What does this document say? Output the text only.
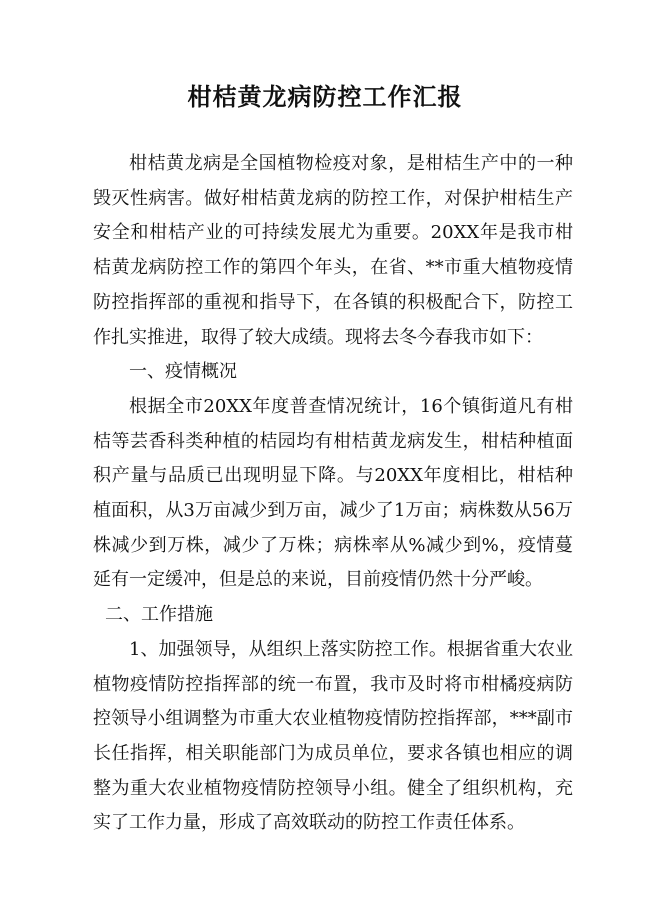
柑桔黄龙病防控工作汇报

柑桔黄龙病是全国植物检疫对象，是柑桔生产中的一种毁灭性病害。做好柑桔黄龙病的防控工作，对保护柑桔生产安全和柑桔产业的可持续发展尤为重要。20XX年是我市柑桔黄龙病防控工作的第四个年头，在省、**市重大植物疫情防控指挥部的重视和指导下，在各镇的积极配合下，防控工作扎实推进，取得了较大成绩。现将去冬今春我市如下：

一、疫情概况

根据全市20XX年度普查情况统计，16个镇街道凡有柑桔等芸香科类种植的桔园均有柑桔黄龙病发生，柑桔种植面积产量与品质已出现明显下降。与20XX年度相比，柑桔种植面积，从3万亩减少到万亩，减少了1万亩；病株数从56万株减少到万株，减少了万株；病株率从%减少到%，疫情蔓延有一定缓冲，但是总的来说，目前疫情仍然十分严峻。

二、工作措施

1、加强领导，从组织上落实防控工作。根据省重大农业植物疫情防控指挥部的统一布置，我市及时将市柑橘疫病防控领导小组调整为市重大农业植物疫情防控指挥部，***副市长任指挥，相关职能部门为成员单位，要求各镇也相应的调整为重大农业植物疫情防控领导小组。健全了组织机构，充实了工作力量，形成了高效联动的防控工作责任体系。
